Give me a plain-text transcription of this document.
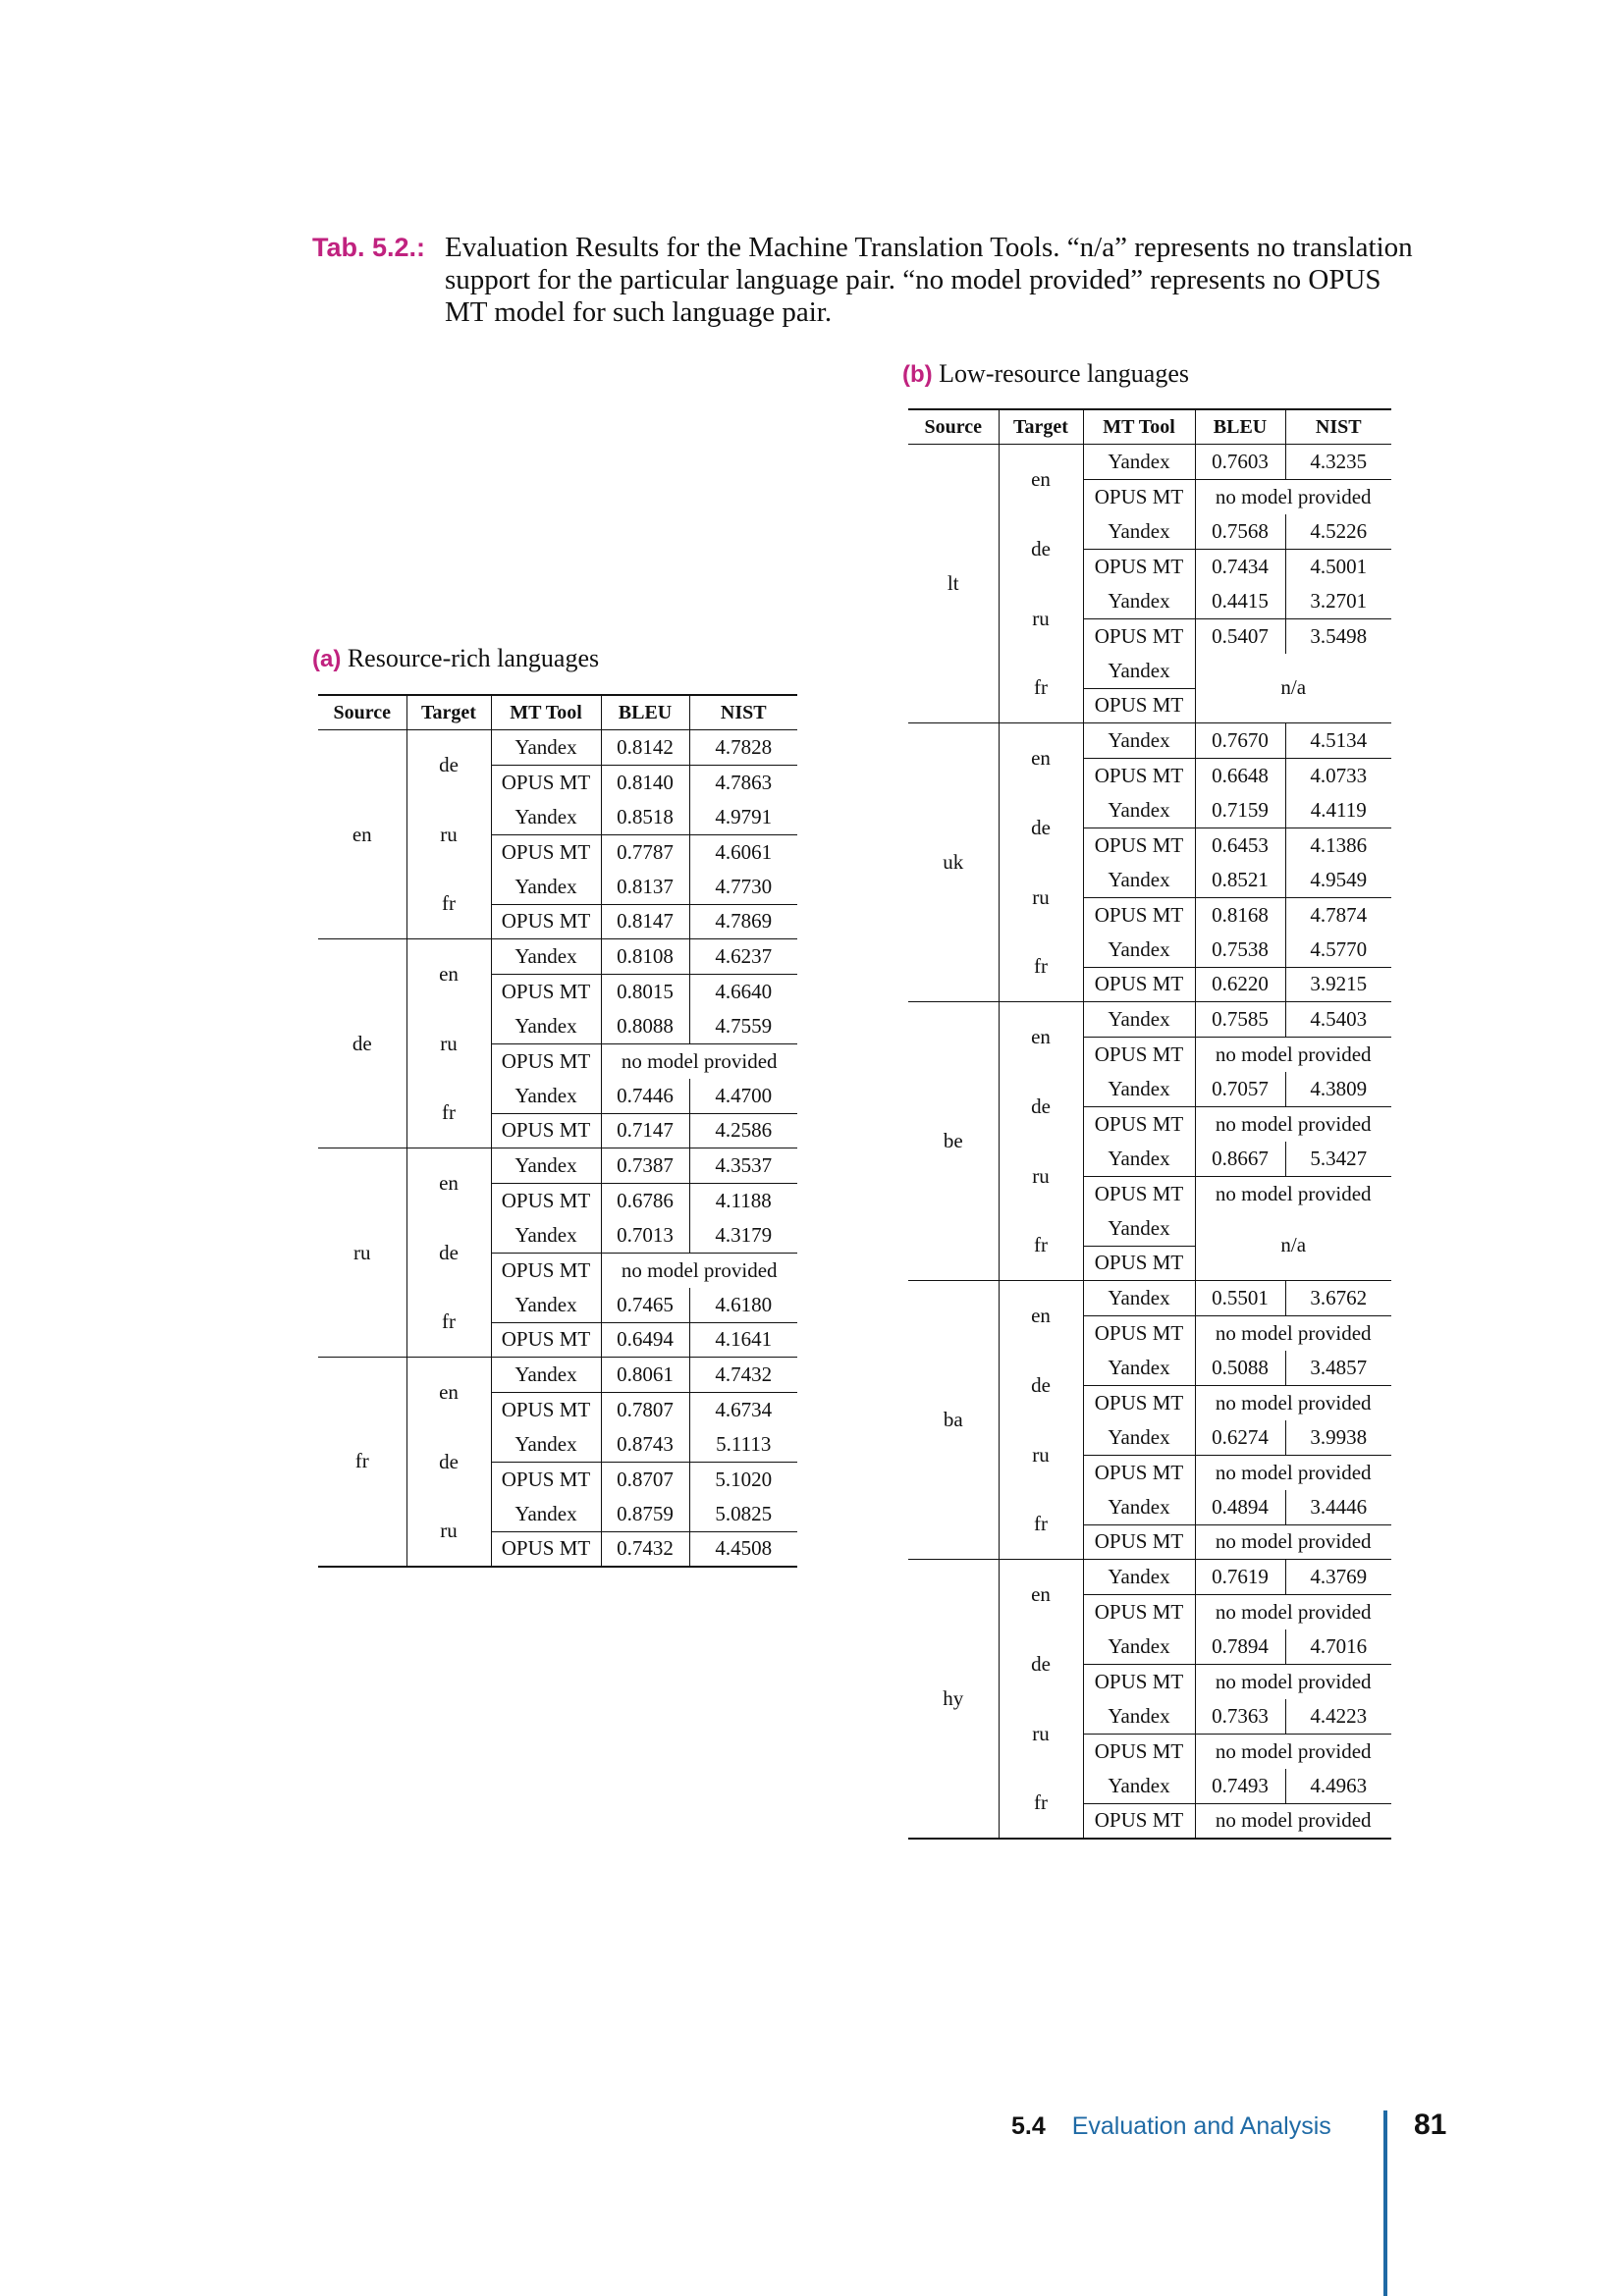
Tab. 5.2.: Evaluation Results for the Machine Translation Tools. “n/a” represents no translation support for the particular language pair. “no model provided” represents no OPUS MT model for such language pair.
(a) Resource-rich languages
Source	Target	MT Tool	BLEU	NIST
en	de	Yandex	0.8142	4.7828
		OPUS MT	0.8140	4.7863
	ru	Yandex	0.8518	4.9791
		OPUS MT	0.7787	4.6061
	fr	Yandex	0.8137	4.7730
		OPUS MT	0.8147	4.7869
de	en	Yandex	0.8108	4.6237
		OPUS MT	0.8015	4.6640
	ru	Yandex	0.8088	4.7559
		OPUS MT	no model provided	
	fr	Yandex	0.7446	4.4700
		OPUS MT	0.7147	4.2586
ru	en	Yandex	0.7387	4.3537
		OPUS MT	0.6786	4.1188
	de	Yandex	0.7013	4.3179
		OPUS MT	no model provided	
	fr	Yandex	0.7465	4.6180
		OPUS MT	0.6494	4.1641
fr	en	Yandex	0.8061	4.7432
		OPUS MT	0.7807	4.6734
	de	Yandex	0.8743	5.1113
		OPUS MT	0.8707	5.1020
	ru	Yandex	0.8759	5.0825
		OPUS MT	0.7432	4.4508
(b) Low-resource languages
Source	Target	MT Tool	BLEU	NIST
lt	en	Yandex	0.7603	4.3235
		OPUS MT	no model provided	
	de	Yandex	0.7568	4.5226
		OPUS MT	0.7434	4.5001
	ru	Yandex	0.4415	3.2701
		OPUS MT	0.5407	3.5498
	fr	Yandex	n/a	
		OPUS MT		
uk	en	Yandex	0.7670	4.5134
		OPUS MT	0.6648	4.0733
	de	Yandex	0.7159	4.4119
		OPUS MT	0.6453	4.1386
	ru	Yandex	0.8521	4.9549
		OPUS MT	0.8168	4.7874
	fr	Yandex	0.7538	4.5770
		OPUS MT	0.6220	3.9215
be	en	Yandex	0.7585	4.5403
		OPUS MT	no model provided	
	de	Yandex	0.7057	4.3809
		OPUS MT	no model provided	
	ru	Yandex	0.8667	5.3427
		OPUS MT	no model provided	
	fr	Yandex	n/a	
		OPUS MT		
ba	en	Yandex	0.5501	3.6762
		OPUS MT	no model provided	
	de	Yandex	0.5088	3.4857
		OPUS MT	no model provided	
	ru	Yandex	0.6274	3.9938
		OPUS MT	no model provided	
	fr	Yandex	0.4894	3.4446
		OPUS MT	no model provided	
hy	en	Yandex	0.7619	4.3769
		OPUS MT	no model provided	
	de	Yandex	0.7894	4.7016
		OPUS MT	no model provided	
	ru	Yandex	0.7363	4.4223
		OPUS MT	no model provided	
	fr	Yandex	0.7493	4.4963
		OPUS MT	no model provided	
5.4 Evaluation and Analysis	81
